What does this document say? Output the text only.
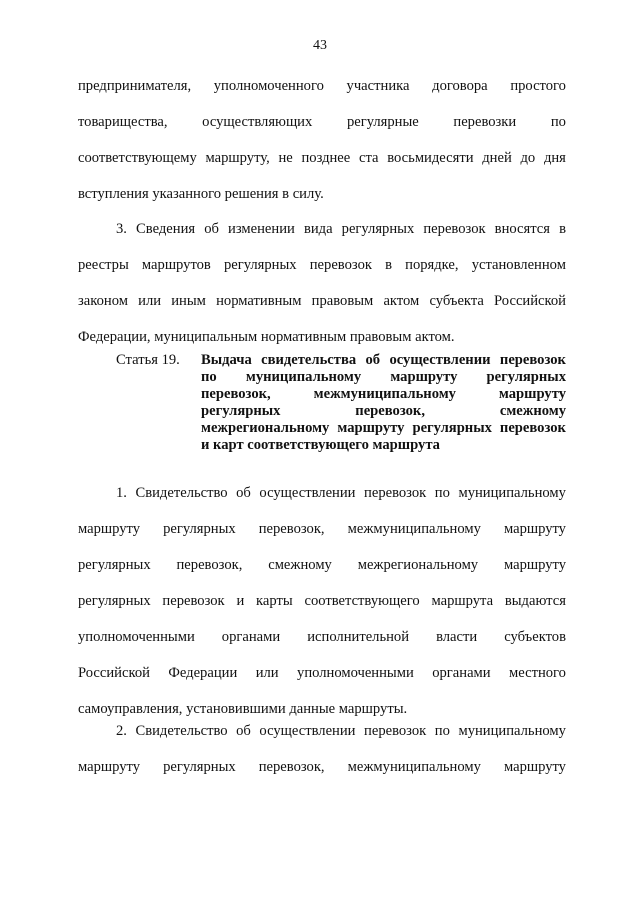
43
предпринимателя, уполномоченного участника договора простого
товарищества, осуществляющих регулярные перевозки по
соответствующему маршруту, не позднее ста восьмидесяти дней до дня
вступления указанного решения в силу.
3. Сведения об изменении вида регулярных перевозок вносятся в
реестры маршрутов регулярных перевозок в порядке, установленном
законом или иным нормативным правовым актом субъекта Российской
Федерации, муниципальным нормативным правовым актом.
Статья 19. Выдача свидетельства об осуществлении перевозок
по муниципальному маршруту регулярных
перевозок,	межмуниципальному	маршруту
регулярных	перевозок,	смежному
межрегиональному маршруту регулярных перевозок
и карт соответствующего маршрута
1. Свидетельство об осуществлении перевозок по муниципальному
маршруту регулярных перевозок, межмуниципальному маршруту
регулярных перевозок, смежному межрегиональному маршруту
регулярных перевозок и карты соответствующего маршрута выдаются
уполномоченными органами исполнительной власти субъектов
Российской Федерации или уполномоченными органами местного
самоуправления, установившими данные маршруты.
2. Свидетельство об осуществлении перевозок по муниципальному
маршруту регулярных перевозок, межмуниципальному маршруту
